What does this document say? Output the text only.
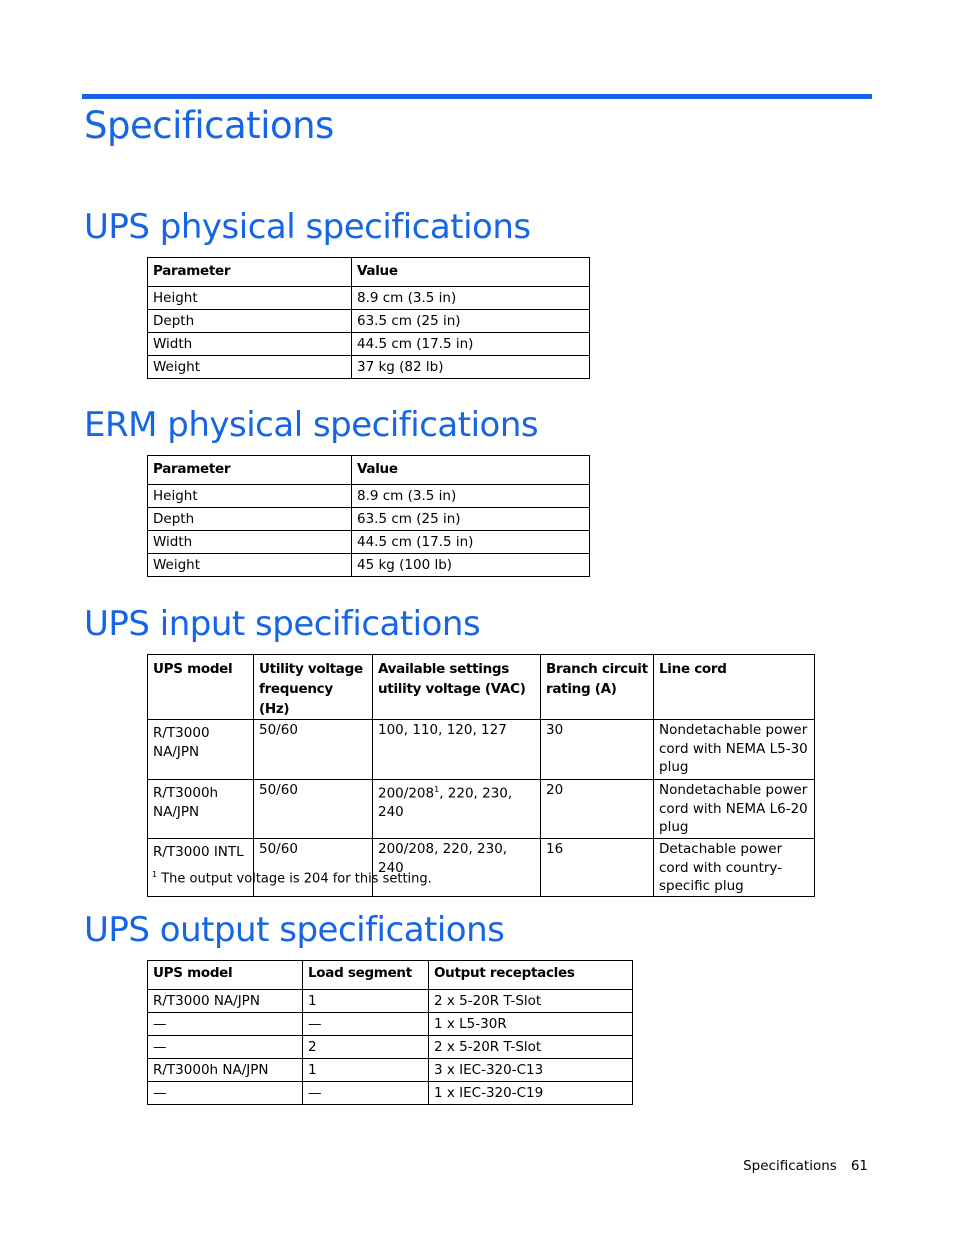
Specifications
UPS physical specifications
Parameter	Value
Height	8.9 cm (3.5 in)
Depth	63.5 cm (25 in)
Width	44.5 cm (17.5 in)
Weight	37 kg (82 lb)
ERM physical specifications
Parameter	Value
Height	8.9 cm (3.5 in)
Depth	63.5 cm (25 in)
Width	44.5 cm (17.5 in)
Weight	45 kg (100 lb)
UPS input specifications
UPS model	Utility voltage frequency (Hz)	Available settings utility voltage (VAC)	Branch circuit rating (A)	Line cord
R/T3000 NA/JPN	50/60	100, 110, 120, 127	30	Nondetachable power cord with NEMA L5-30 plug
R/T3000h NA/JPN	50/60	$200/208^1$, 220, 230, 240	20	Nondetachable power cord with NEMA L6-20 plug
R/T3000 INTL	50/60	200/208, 220, 230, 240	16	Detachable power cord with country-specific plug
$^1$ The output voltage is 204 for this setting.
UPS output specifications
UPS model	Load segment	Output receptacles
R/T3000 NA/JPN	1	2 x 5-20R T-Slot
—	—	1 x L5-30R
—	2	2 x 5-20R T-Slot
R/T3000h NA/JPN	1	3 x IEC-320-C13
—	—	1 x IEC-320-C19
Specifications 61
